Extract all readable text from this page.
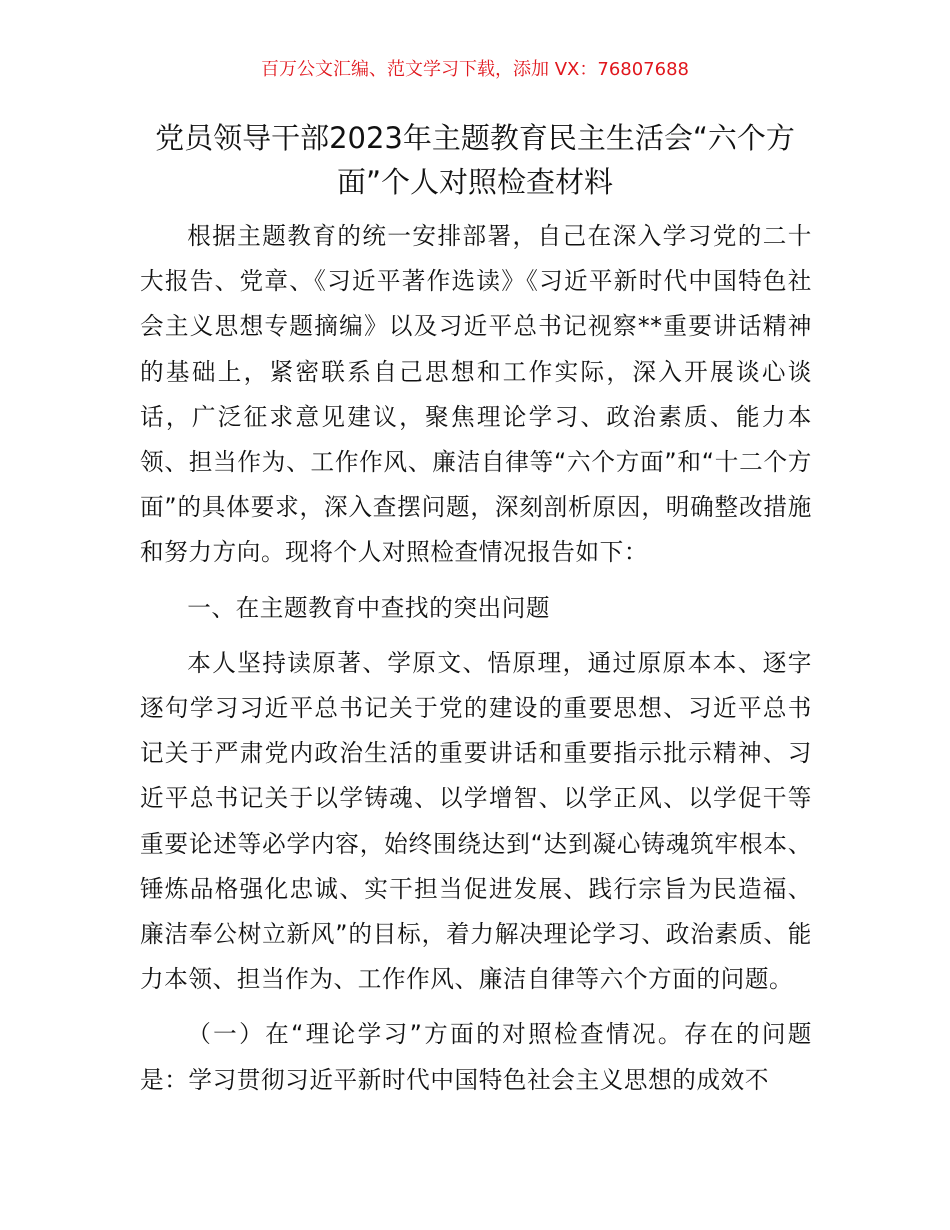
百万公文汇编、范文学习下载，添加 VX：76807688
党员领导干部2023年主题教育民主生活会“六个方面”个人对照检查材料

根据主题教育的统一安排部署，自己在深入学习党的二十大报告、党章、《习近平著作选读》《习近平新时代中国特色社会主义思想专题摘编》以及习近平总书记视察**重要讲话精神的基础上，紧密联系自己思想和工作实际，深入开展谈心谈话，广泛征求意见建议，聚焦理论学习、政治素质、能力本领、担当作为、工作作风、廉洁自律等“六个方面”和“十二个方面”的具体要求，深入查摆问题，深刻剖析原因，明确整改措施和努力方向。现将个人对照检查情况报告如下：

一、在主题教育中查找的突出问题

本人坚持读原著、学原文、悟原理，通过原原本本、逐字逐句学习习近平总书记关于党的建设的重要思想、习近平总书记关于严肃党内政治生活的重要讲话和重要指示批示精神、习近平总书记关于以学铸魂、以学增智、以学正风、以学促干等重要论述等必学内容，始终围绕达到“达到凝心铸魂筑牢根本、锤炼品格强化忠诚、实干担当促进发展、践行宗旨为民造福、廉洁奉公树立新风”的目标，着力解决理论学习、政治素质、能力本领、担当作为、工作作风、廉洁自律等六个方面的问题。

（一）在“理论学习”方面的对照检查情况。存在的问题是：学习贯彻习近平新时代中国特色社会主义思想的成效不
